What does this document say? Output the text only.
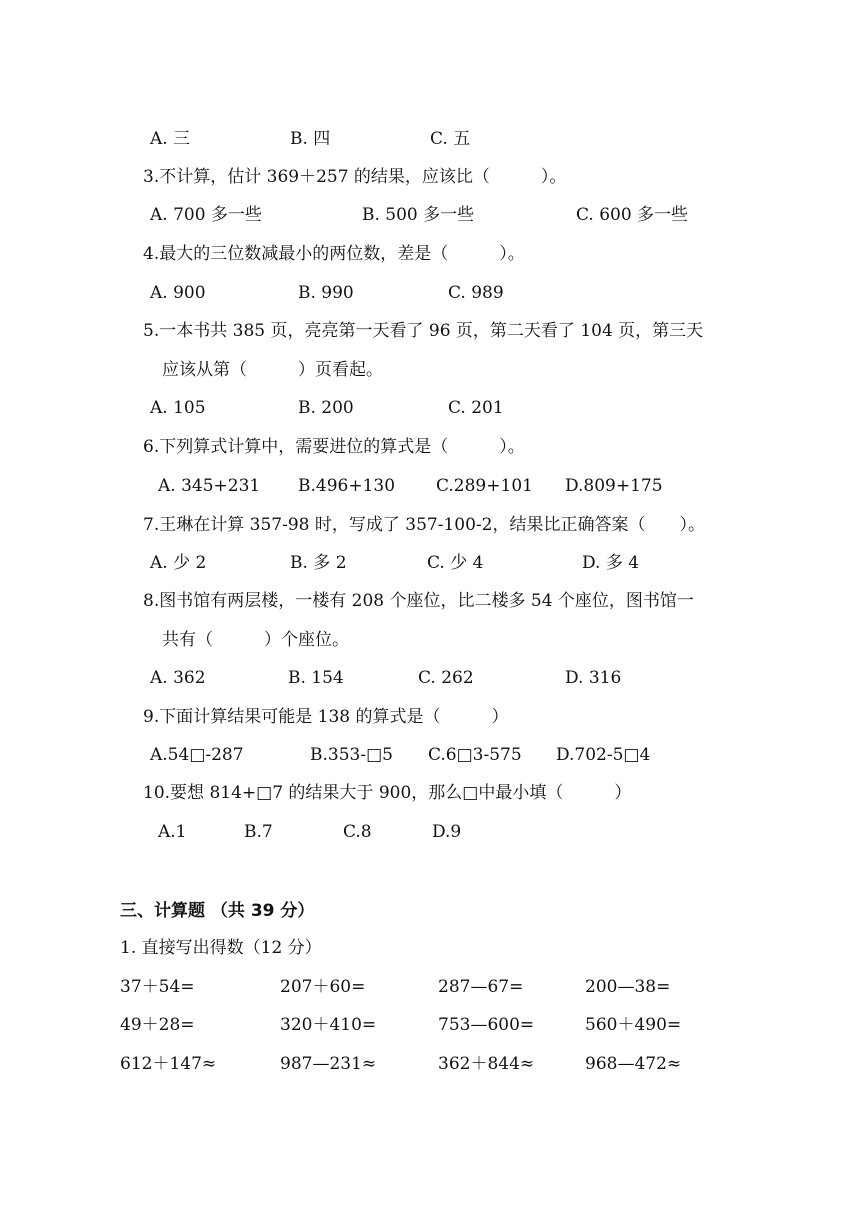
A. 三	B. 四	C. 五
3.不计算，估计 369＋257 的结果，应该比（　　　）。
A. 700 多一些	B. 500 多一些	C. 600 多一些
4.最大的三位数减最小的两位数，差是（　　　）。
A. 900	B. 990	C. 989
5.一本书共 385 页，亮亮第一天看了 96 页，第二天看了 104 页，第三天
应该从第（　　　）页看起。
A. 105	B. 200	C. 201
6.下列算式计算中，需要进位的算式是（　　　）。
A. 345+231 B.496+130 C.289+101 D.809+175
7.王琳在计算 357-98 时，写成了 357-100-2，结果比正确答案（　　）。
A. 少 2	B. 多 2	C. 少 4	D. 多 4
8.图书馆有两层楼，一楼有 208 个座位，比二楼多 54 个座位，图书馆一
共有（　　　）个座位。
A. 362	B. 154	C. 262	D. 316
9.下面计算结果可能是 138 的算式是（　　　）
A.54□-287	B.353-□5 C.6□3-575 D.702-5□4
10.要想 814+□7 的结果大于 900，那么□中最小填（　　　）
A.1	B.7	C.8	D.9
三、计算题 （共 39 分）
1. 直接写出得数（12 分）
37＋54=	207＋60=	287—67=	200—38=
49＋28=	320＋410=	753—600=	560＋490=
612＋147≈	987—231≈	362＋844≈	968—472≈
